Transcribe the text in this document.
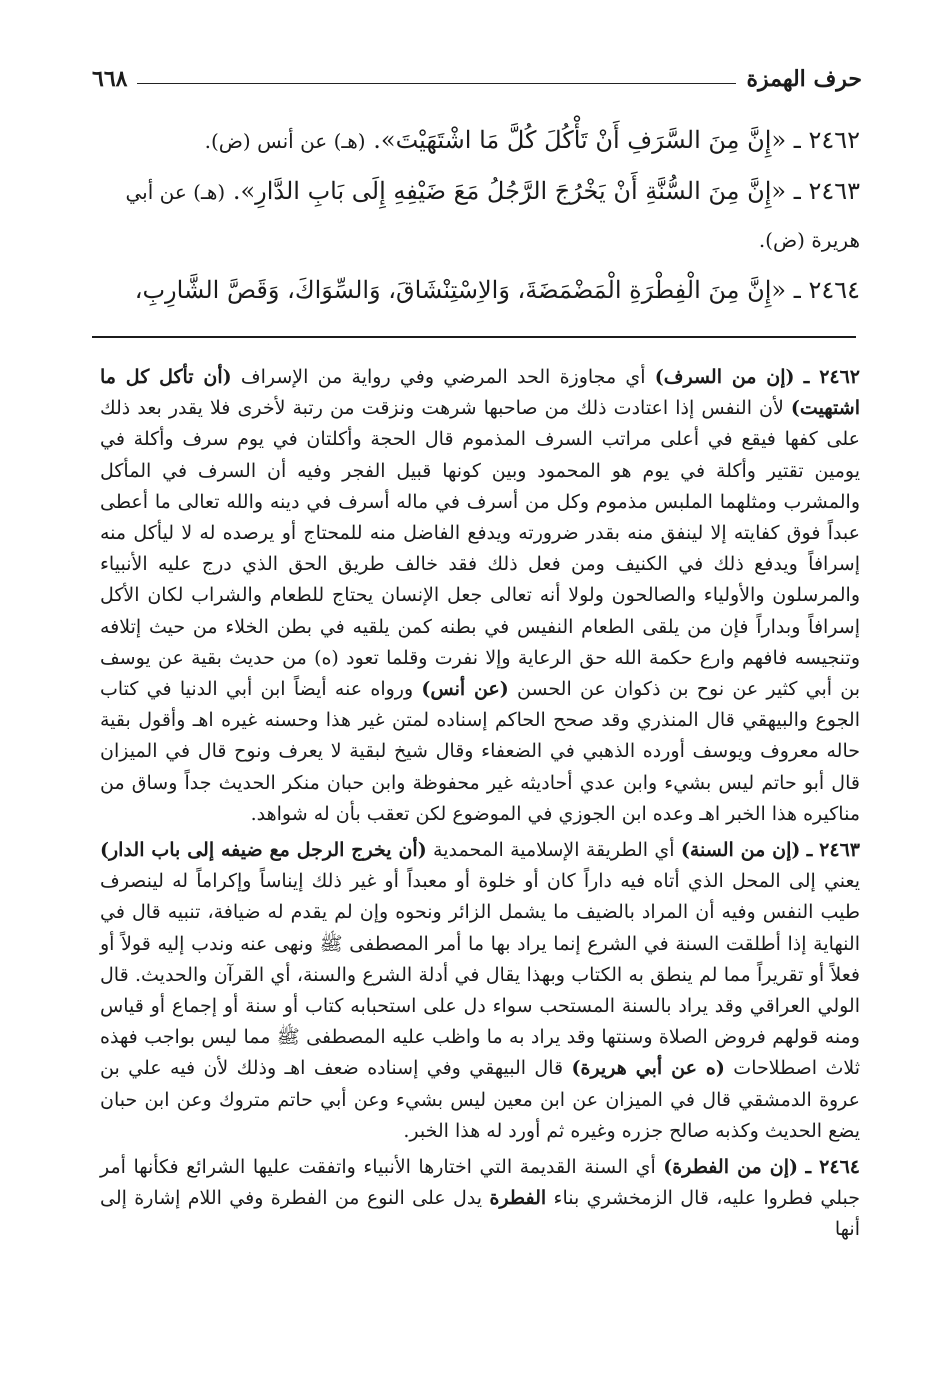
٦٦٨	حرف الهمزة

٢٤٦٢ ـ «إِنَّ مِنَ السَّرَفِ أَنْ تَأْكُلَ كُلَّ مَا اشْتَهَيْتَ». (هـ) عن أنس (ض).

٢٤٦٣ ـ «إِنَّ مِنَ السُّنَّةِ أَنْ يَخْرُجَ الرَّجُلُ مَعَ ضَيْفِهِ إِلَى بَابِ الدَّارِ». (هـ) عن أبي

هريرة (ض).

٢٤٦٤ ـ «إِنَّ مِنَ الْفِطْرَةِ الْمَضْمَضَةَ، وَالاِسْتِنْشَاقَ، وَالسِّوَاكَ، وَقَصَّ الشَّارِبِ،

٢٤٦٢ ـ (إن من السرف) أي مجاوزة الحد المرضي وفي رواية من الإسراف (أن تأكل كل ما اشتهيت) لأن النفس إذا اعتادت ذلك من صاحبها شرهت ونزقت من رتبة لأخرى فلا يقدر بعد ذلك على كفها فيقع في أعلى مراتب السرف المذموم قال الحجة وأكلتان في يوم سرف وأكلة في يومين تقتير وأكلة في يوم هو المحمود وبين كونها قبيل الفجر وفيه أن السرف في المأكل والمشرب ومثلهما الملبس مذموم وكل من أسرف في ماله أسرف في دينه والله تعالى ما أعطى عبداً فوق كفايته إلا لينفق منه بقدر ضرورته ويدفع الفاضل منه للمحتاج أو يرصده له لا ليأكل منه إسرافاً ويدفع ذلك في الكنيف ومن فعل ذلك فقد خالف طريق الحق الذي درج عليه الأنبياء والمرسلون والأولياء والصالحون ولولا أنه تعالى جعل الإنسان يحتاج للطعام والشراب لكان الأكل إسرافاً وبداراً فإن من يلقى الطعام النفيس في بطنه كمن يلقيه في بطن الخلاء من حيث إتلافه وتنجيسه فافهم وارع حكمة الله حق الرعاية وإلا نفرت وقلما تعود (ه) من حديث بقية عن يوسف بن أبي كثير عن نوح بن ذكوان عن الحسن (عن أنس) ورواه عنه أيضاً ابن أبي الدنيا في كتاب الجوع والبيهقي قال المنذري وقد صحح الحاكم إسناده لمتن غير هذا وحسنه غيره اهـ وأقول بقية حاله معروف ويوسف أورده الذهبي في الضعفاء وقال شيخ لبقية لا يعرف ونوح قال في الميزان قال أبو حاتم ليس بشيء وابن عدي أحاديثه غير محفوظة وابن حبان منكر الحديث جداً وساق من مناكيره هذا الخبر اهـ وعده ابن الجوزي في الموضوع لكن تعقب بأن له شواهد.

٢٤٦٣ ـ (إن من السنة) أي الطريقة الإسلامية المحمدية (أن يخرج الرجل مع ضيفه إلى باب الدار) يعني إلى المحل الذي أتاه فيه داراً كان أو خلوة أو معبداً أو غير ذلك إيناساً وإكراماً له لينصرف طيب النفس وفيه أن المراد بالضيف ما يشمل الزائر ونحوه وإن لم يقدم له ضيافة، تنبيه قال في النهاية إذا أطلقت السنة في الشرع إنما يراد بها ما أمر المصطفى ﷺ ونهى عنه وندب إليه قولاً أو فعلاً أو تقريراً مما لم ينطق به الكتاب وبهذا يقال في أدلة الشرع والسنة، أي القرآن والحديث. قال الولي العراقي وقد يراد بالسنة المستحب سواء دل على استحبابه كتاب أو سنة أو إجماع أو قياس ومنه قولهم فروض الصلاة وسنتها وقد يراد به ما واظب عليه المصطفى ﷺ مما ليس بواجب فهذه ثلاث اصطلاحات (ه عن أبي هريرة) قال البيهقي وفي إسناده ضعف اهـ وذلك لأن فيه علي بن عروة الدمشقي قال في الميزان عن ابن معين ليس بشيء وعن أبي حاتم متروك وعن ابن حبان يضع الحديث وكذبه صالح جزره وغيره ثم أورد له هذا الخبر.

٢٤٦٤ ـ (إن من الفطرة) أي السنة القديمة التي اختارها الأنبياء واتفقت عليها الشرائع فكأنها أمر جبلي فطروا عليه، قال الزمخشري بناء الفطرة يدل على النوع من الفطرة وفي اللام إشارة إلى أنها
